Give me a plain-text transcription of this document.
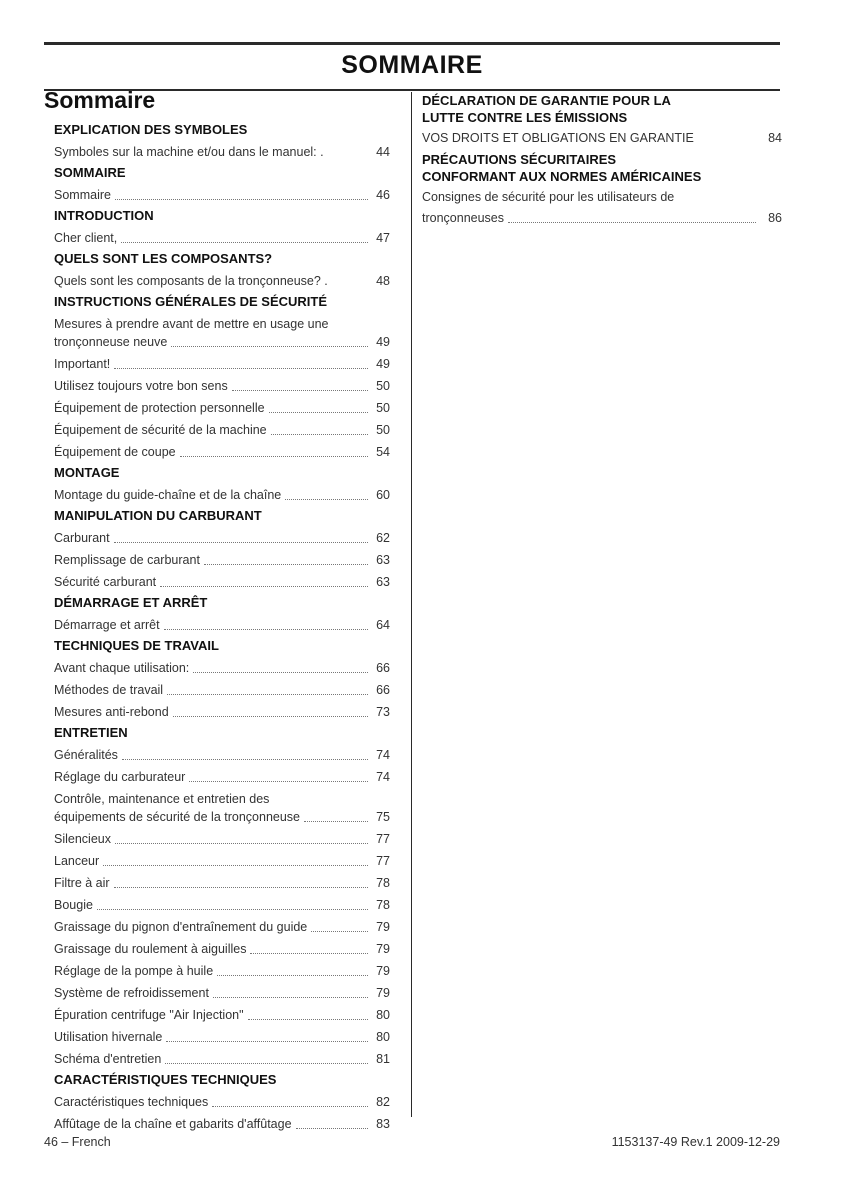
SOMMAIRE
Sommaire
EXPLICATION DES SYMBOLES
Symboles sur la machine et/ou dans le manuel: .	44
SOMMAIRE
Sommaire	46
INTRODUCTION
Cher client,	47
QUELS SONT LES COMPOSANTS?
Quels sont les composants de la tronçonneuse? .	48
INSTRUCTIONS GÉNÉRALES DE SÉCURITÉ
Mesures à prendre avant de mettre en usage une
tronçonneuse neuve	49
Important!	49
Utilisez toujours votre bon sens	50
Équipement de protection personnelle	50
Équipement de sécurité de la machine	50
Équipement de coupe	54
MONTAGE
Montage du guide-chaîne et de la chaîne	60
MANIPULATION DU CARBURANT
Carburant	62
Remplissage de carburant	63
Sécurité carburant	63
DÉMARRAGE ET ARRÊT
Démarrage et arrêt	64
TECHNIQUES DE TRAVAIL
Avant chaque utilisation:	66
Méthodes de travail	66
Mesures anti-rebond	73
ENTRETIEN
Généralités	74
Réglage du carburateur	74
Contrôle, maintenance et entretien des
équipements de sécurité de la tronçonneuse	75
Silencieux	77
Lanceur	77
Filtre à air	78
Bougie	78
Graissage du pignon d'entraînement du guide	79
Graissage du roulement à aiguilles	79
Réglage de la pompe à huile	79
Système de refroidissement	79
Épuration centrifuge "Air Injection"	80
Utilisation hivernale	80
Schéma d'entretien	81
CARACTÉRISTIQUES TECHNIQUES
Caractéristiques techniques	82
Affûtage de la chaîne et gabarits d'affûtage	83
DÉCLARATION DE GARANTIE POUR LA
LUTTE CONTRE LES ÉMISSIONS
VOS DROITS ET OBLIGATIONS EN GARANTIE	84
PRÉCAUTIONS SÉCURITAIRES
CONFORMANT AUX NORMES AMÉRICAINES
Consignes de sécurité pour les utilisateurs de
tronçonneuses	86
46 – French	1153137-49 Rev.1 2009-12-29
